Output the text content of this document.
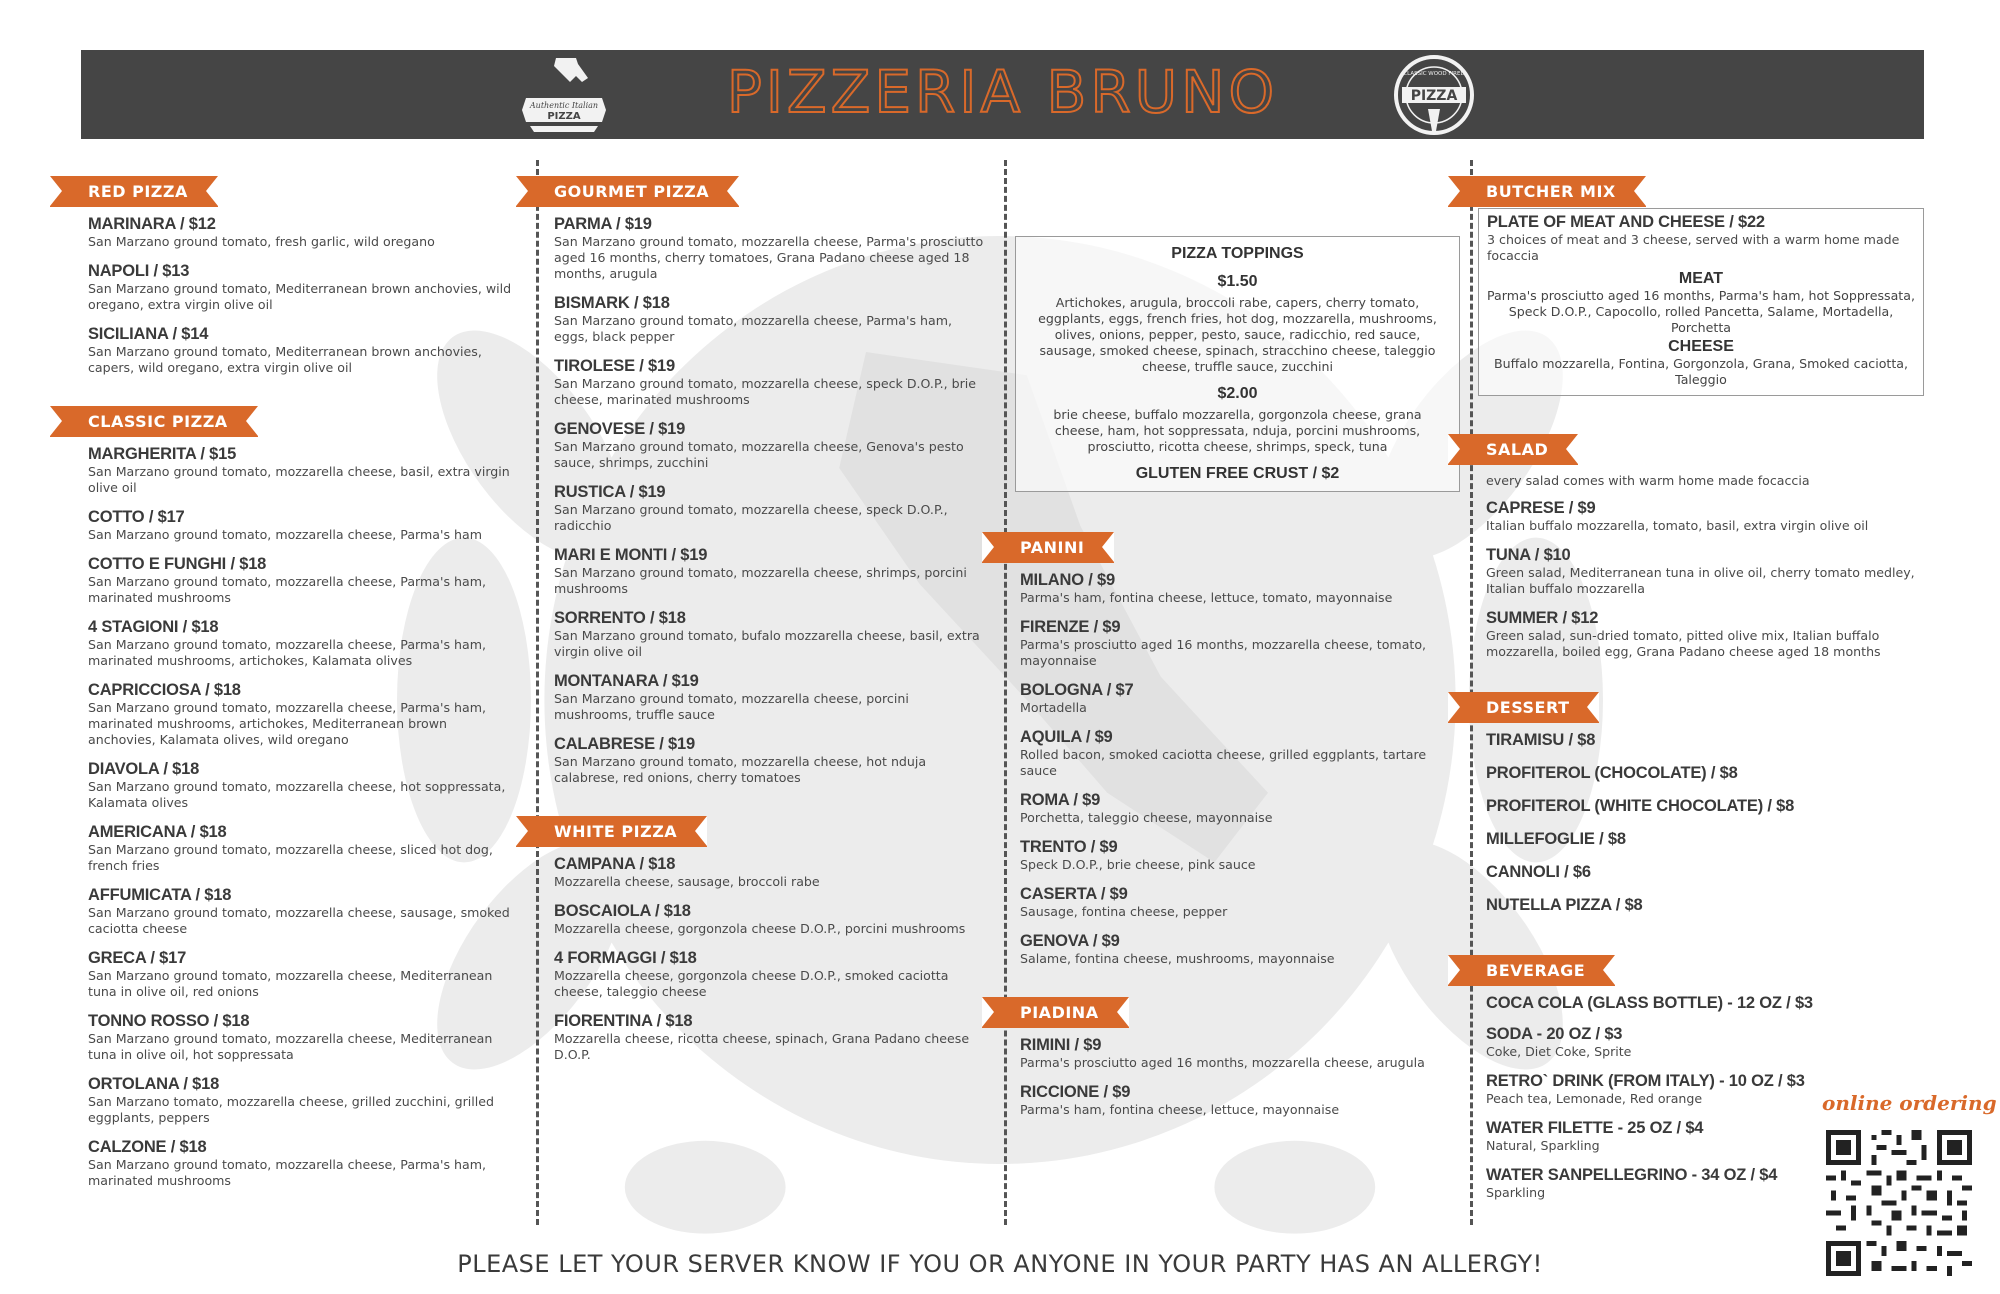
Authentic Italian
PIZZA	PIZZERIA BRUNO	CLASSIC WOOD FIRED
PIZZA
RED PIZZA
MARINARA / $12
San Marzano ground tomato, fresh garlic, wild oregano
NAPOLI / $13
San Marzano ground tomato, Mediterranean brown anchovies, wild oregano, extra virgin olive oil
SICILIANA / $14
San Marzano ground tomato, Mediterranean brown anchovies, capers, wild oregano, extra virgin olive oil
CLASSIC PIZZA
MARGHERITA / $15
San Marzano ground tomato, mozzarella cheese, basil, extra virgin olive oil
COTTO / $17
San Marzano ground tomato, mozzarella cheese, Parma's ham
COTTO E FUNGHI / $18
San Marzano ground tomato, mozzarella cheese, Parma's ham, marinated mushrooms
4 STAGIONI / $18
San Marzano ground tomato, mozzarella cheese, Parma's ham, marinated mushrooms, artichokes, Kalamata olives
CAPRICCIOSA / $18
San Marzano ground tomato, mozzarella cheese, Parma's ham, marinated mushrooms, artichokes, Mediterranean brown anchovies, Kalamata olives, wild oregano
DIAVOLA / $18
San Marzano ground tomato, mozzarella cheese, hot soppressata, Kalamata olives
AMERICANA / $18
San Marzano ground tomato, mozzarella cheese, sliced hot dog, french fries
AFFUMICATA / $18
San Marzano ground tomato, mozzarella cheese, sausage, smoked caciotta cheese
GRECA / $17
San Marzano ground tomato, mozzarella cheese, Mediterranean tuna in olive oil, red onions
TONNO ROSSO / $18
San Marzano ground tomato, mozzarella cheese, Mediterranean tuna in olive oil, hot soppressata
ORTOLANA / $18
San Marzano tomato, mozzarella cheese, grilled zucchini, grilled eggplants, peppers
CALZONE / $18
San Marzano ground tomato, mozzarella cheese, Parma's ham, marinated mushrooms
GOURMET PIZZA
PARMA / $19
San Marzano ground tomato, mozzarella cheese, Parma's prosciutto aged 16 months, cherry tomatoes, Grana Padano cheese aged 18 months, arugula
BISMARK / $18
San Marzano ground tomato, mozzarella cheese, Parma's ham, eggs, black pepper
TIROLESE / $19
San Marzano ground tomato, mozzarella cheese, speck D.O.P., brie cheese, marinated mushrooms
GENOVESE / $19
San Marzano ground tomato, mozzarella cheese, Genova's pesto sauce, shrimps, zucchini
RUSTICA / $19
San Marzano ground tomato, mozzarella cheese, speck D.O.P., radicchio
MARI E MONTI / $19
San Marzano ground tomato, mozzarella cheese, shrimps, porcini mushrooms
SORRENTO / $18
San Marzano ground tomato, bufalo mozzarella cheese, basil, extra virgin olive oil
MONTANARA / $19
San Marzano ground tomato, mozzarella cheese, porcini mushrooms, truffle sauce
CALABRESE / $19
San Marzano ground tomato, mozzarella cheese, hot nduja calabrese, red onions, cherry tomatoes
WHITE PIZZA
CAMPANA / $18
Mozzarella cheese, sausage, broccoli rabe
BOSCAIOLA / $18
Mozzarella cheese, gorgonzola cheese D.O.P., porcini mushrooms
4 FORMAGGI / $18
Mozzarella cheese, gorgonzola cheese D.O.P., smoked caciotta cheese, taleggio cheese
FIORENTINA / $18
Mozzarella cheese, ricotta cheese, spinach, Grana Padano cheese D.O.P.
PIZZA TOPPINGS
$1.50

Artichokes, arugula, broccoli rabe, capers, cherry tomato, eggplants, eggs, french fries, hot dog, mozzarella, mushrooms, olives, onions, pepper, pesto, sauce, radicchio, red sauce, sausage, smoked cheese, spinach, stracchino cheese, taleggio cheese, truffle sauce, zucchini

$2.00

brie cheese, buffalo mozzarella, gorgonzola cheese, grana cheese, ham, hot soppressata, nduja, porcini mushrooms, prosciutto, ricotta cheese, shrimps, speck, tuna

GLUTEN FREE CRUST / $2
PANINI
MILANO / $9
Parma's ham, fontina cheese, lettuce, tomato, mayonnaise
FIRENZE / $9
Parma's prosciutto aged 16 months, mozzarella cheese, tomato, mayonnaise
BOLOGNA / $7
Mortadella
AQUILA / $9
Rolled bacon, smoked caciotta cheese, grilled eggplants, tartare sauce
ROMA / $9
Porchetta, taleggio cheese, mayonnaise
TRENTO / $9
Speck D.O.P., brie cheese, pink sauce
CASERTA / $9
Sausage, fontina cheese, pepper
GENOVA / $9
Salame, fontina cheese, mushrooms, mayonnaise
PIADINA
RIMINI / $9
Parma's prosciutto aged 16 months, mozzarella cheese, arugula
RICCIONE / $9
Parma's ham, fontina cheese, lettuce, mayonnaise
BUTCHER MIX
PLATE OF MEAT AND CHEESE / $22
3 choices of meat and 3 cheese, served with a warm home made focaccia
MEAT

Parma's prosciutto aged 16 months, Parma's ham, hot Soppressata, Speck D.O.P., Capocollo, rolled Pancetta, Salame, Mortadella, Porchetta

CHEESE

Buffalo mozzarella, Fontina, Gorgonzola, Grana, Smoked caciotta, Taleggio

SALAD
every salad comes with warm home made focaccia
CAPRESE / $9
Italian buffalo mozzarella, tomato, basil, extra virgin olive oil
TUNA / $10
Green salad, Mediterranean tuna in olive oil, cherry tomato medley, Italian buffalo mozzarella
SUMMER / $12
Green salad, sun-dried tomato, pitted olive mix, Italian buffalo mozzarella, boiled egg, Grana Padano cheese aged 18 months
DESSERT
TIRAMISU / $8
PROFITEROL (CHOCOLATE) / $8
PROFITEROL (WHITE CHOCOLATE) / $8
MILLEFOGLIE / $8
CANNOLI / $6
NUTELLA PIZZA / $8
BEVERAGE
COCA COLA (GLASS BOTTLE) - 12 OZ / $3
SODA - 20 OZ / $3
Coke, Diet Coke, Sprite
RETRO` DRINK (FROM ITALY) - 10 OZ / $3
Peach tea, Lemonade, Red orange
WATER FILETTE - 25 OZ / $4
Natural, Sparkling
WATER SANPELLEGRINO - 34 OZ / $4
Sparkling
online ordering
PLEASE LET YOUR SERVER KNOW IF YOU OR ANYONE IN YOUR PARTY HAS AN ALLERGY!
